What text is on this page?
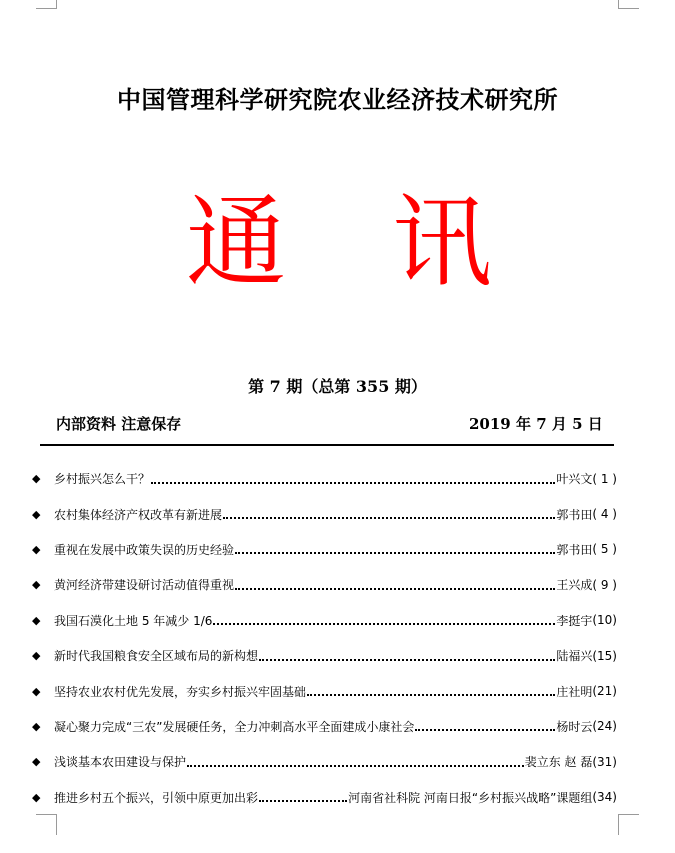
中国管理科学研究院农业经济技术研究所
通 讯
第 7 期（总第 355 期）
内部资料 注意保存	2019 年 7 月 5 日
◆	乡村振兴怎么干？	叶兴文 ( 1 )
◆	农村集体经济产权改革有新进展	郭书田 ( 4 )
◆	重视在发展中政策失误的历史经验	郭书田 ( 5 )
◆	黄河经济带建设研讨活动值得重视	王兴成 ( 9 )
◆	我国石漠化土地 5 年减少 1/6	李挺宇 (10)
◆	新时代我国粮食安全区域布局的新构想	陆福兴 (15)
◆	坚持农业农村优先发展，夯实乡村振兴牢固基础	庄社明 (21)
◆	凝心聚力完成“三农”发展硬任务，全力冲刺高水平全面建成小康社会	杨时云 (24)
◆	浅谈基本农田建设与保护	裴立东 赵 磊 (31)
◆	推进乡村五个振兴，引领中原更加出彩	河南省社科院 河南日报“乡村振兴战略”课题组 (34)
